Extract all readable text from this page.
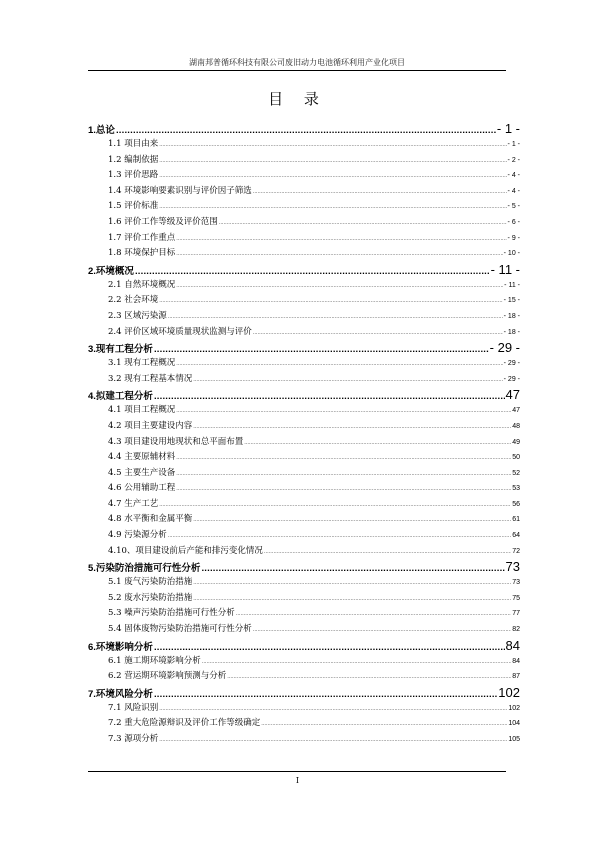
湖南邦普循环科技有限公司废旧动力电池循环利用产业化项目
目 录
1.总论 .....	- 1 -
1.1 项目由来 .....	- 1 -
1.2 编制依据 .....	- 2 -
1.3 评价思路 .....	- 4 -
1.4 环境影响要素识别与评价因子筛选 .....	- 4 -
1.5 评价标准 .....	- 5 -
1.6 评价工作等级及评价范围 .....	- 6 -
1.7 评价工作重点 .....	- 9 -
1.8 环境保护目标 .....	- 10 -
2.环境概况 .....	- 11 -
2.1 自然环境概况 .....	- 11 -
2.2 社会环境 .....	- 15 -
2.3 区域污染源 .....	- 18 -
2.4 评价区域环境质量现状监测与评价 .....	- 18 -
3.现有工程分析 .....	- 29 -
3.1 现有工程概况 .....	- 29 -
3.2 现有工程基本情况 .....	- 29 -
4.拟建工程分析 .....	47
4.1 项目工程概况 .....	47
4.2 项目主要建设内容 .....	48
4.3 项目建设用地现状和总平面布置 .....	49
4.4 主要原辅材料 .....	50
4.5 主要生产设备 .....	52
4.6 公用辅助工程 .....	53
4.7 生产工艺 .....	56
4.8 水平衡和金属平衡 .....	61
4.9 污染源分析 .....	64
4.10、项目建设前后产能和排污变化情况 .....	72
5.污染防治措施可行性分析 .....	73
5.1 废气污染防治措施 .....	73
5.2 废水污染防治措施 .....	75
5.3 噪声污染防治措施可行性分析 .....	77
5.4 固体废物污染防治措施可行性分析 .....	82
6.环境影响分析 .....	84
6.1 施工期环境影响分析 .....	84
6.2 营运期环境影响预测与分析 .....	87
7.环境风险分析 .....	102
7.1 风险识别 .....	102
7.2 重大危险源辩识及评价工作等级确定 .....	104
7.3 源项分析 .....	105
I
